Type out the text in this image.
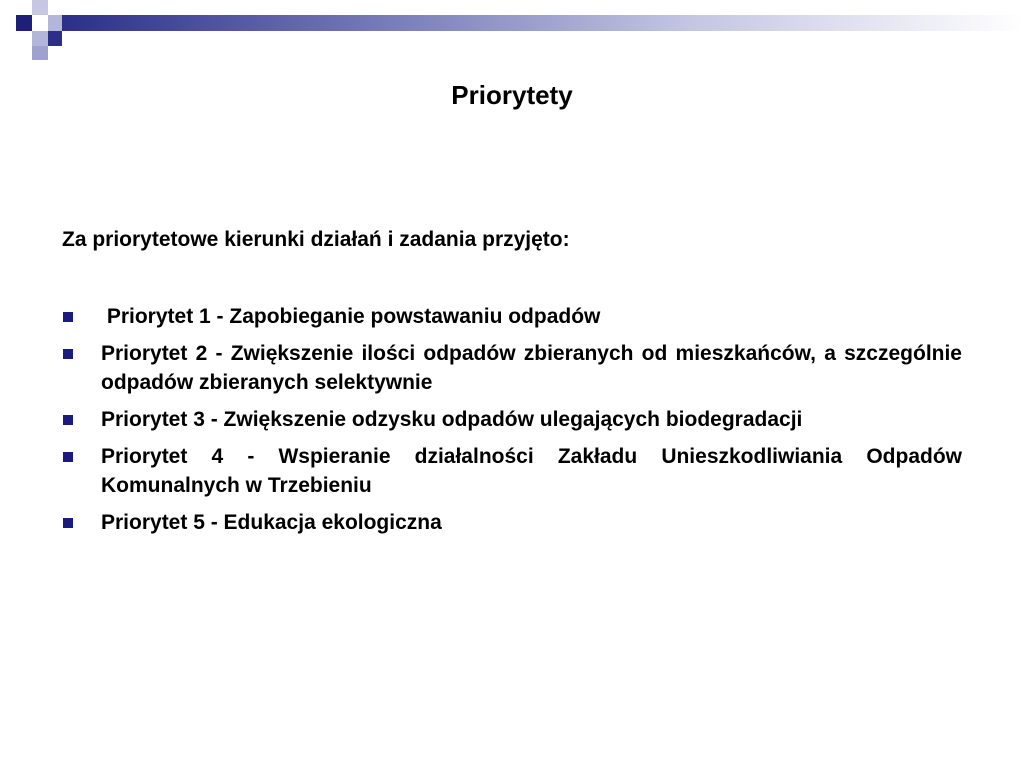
Priorytety
Za priorytetowe kierunki działań i zadania przyjęto:
Priorytet 1 - Zapobieganie powstawaniu odpadów
Priorytet 2 - Zwiększenie ilości odpadów zbieranych od mieszkańców, a szczególnie odpadów zbieranych selektywnie
Priorytet 3 - Zwiększenie odzysku odpadów ulegających biodegradacji
Priorytet 4 - Wspieranie działalności Zakładu Unieszkodliwiania Odpadów Komunalnych w Trzebieniu
Priorytet 5 - Edukacja ekologiczna
